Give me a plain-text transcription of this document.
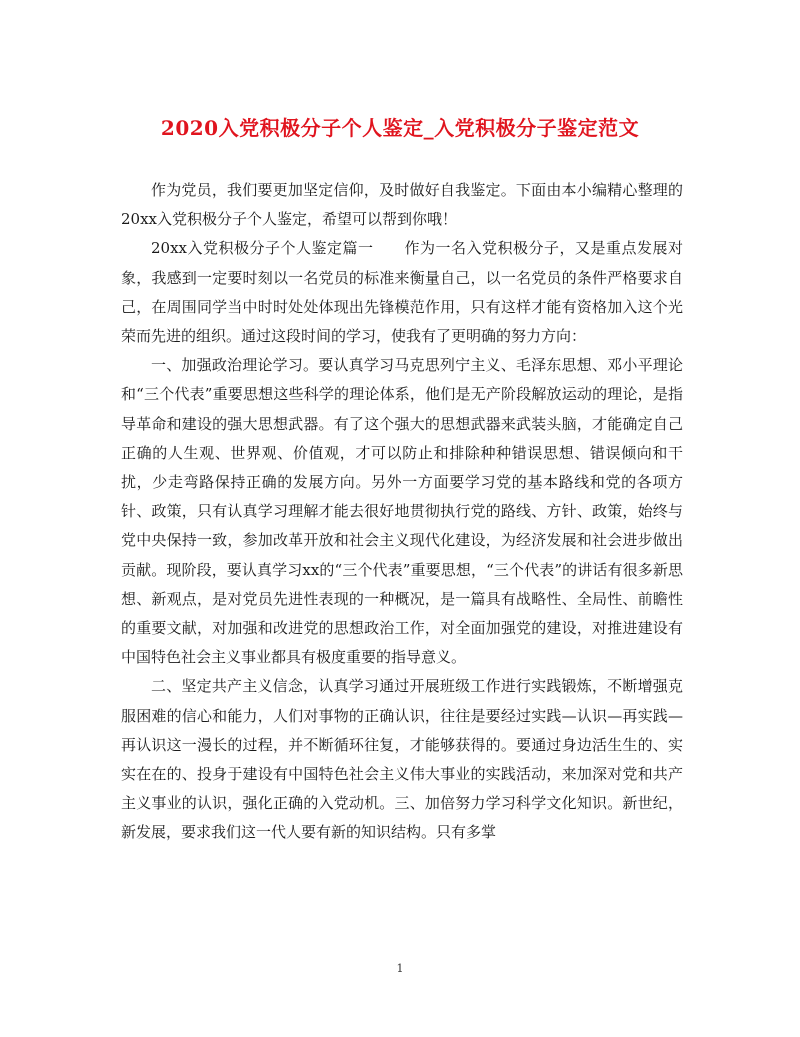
2020入党积极分子个人鉴定_入党积极分子鉴定范文

作为党员，我们要更加坚定信仰，及时做好自我鉴定。下面由本小编精心整理的20xx入党积极分子个人鉴定，希望可以帮到你哦！

20xx入党积极分子个人鉴定篇一　　作为一名入党积极分子，又是重点发展对象，我感到一定要时刻以一名党员的标准来衡量自己，以一名党员的条件严格要求自己，在周围同学当中时时处处体现出先锋模范作用，只有这样才能有资格加入这个光荣而先进的组织。通过这段时间的学习，使我有了更明确的努力方向：

一、加强政治理论学习。要认真学习马克思列宁主义、毛泽东思想、邓小平理论和“三个代表”重要思想这些科学的理论体系，他们是无产阶段解放运动的理论，是指导革命和建设的强大思想武器。有了这个强大的思想武器来武装头脑，才能确定自己正确的人生观、世界观、价值观，才可以防止和排除种种错误思想、错误倾向和干扰，少走弯路保持正确的发展方向。另外一方面要学习党的基本路线和党的各项方针、政策，只有认真学习理解才能去很好地贯彻执行党的路线、方针、政策，始终与党中央保持一致，参加改革开放和社会主义现代化建设，为经济发展和社会进步做出贡献。现阶段，要认真学习xx的“三个代表”重要思想，“三个代表”的讲话有很多新思想、新观点，是对党员先进性表现的一种概况，是一篇具有战略性、全局性、前瞻性的重要文献，对加强和改进党的思想政治工作，对全面加强党的建设，对推进建设有中国特色社会主义事业都具有极度重要的指导意义。

二、坚定共产主义信念，认真学习通过开展班级工作进行实践锻炼，不断增强克服困难的信心和能力，人们对事物的正确认识，往往是要经过实践—认识—再实践—再认识这一漫长的过程，并不断循环往复，才能够获得的。要通过身边活生生的、实实在在的、投身于建设有中国特色社会主义伟大事业的实践活动，来加深对党和共产主义事业的认识，强化正确的入党动机。三、加倍努力学习科学文化知识。新世纪，新发展，要求我们这一代人要有新的知识结构。只有多掌

1
